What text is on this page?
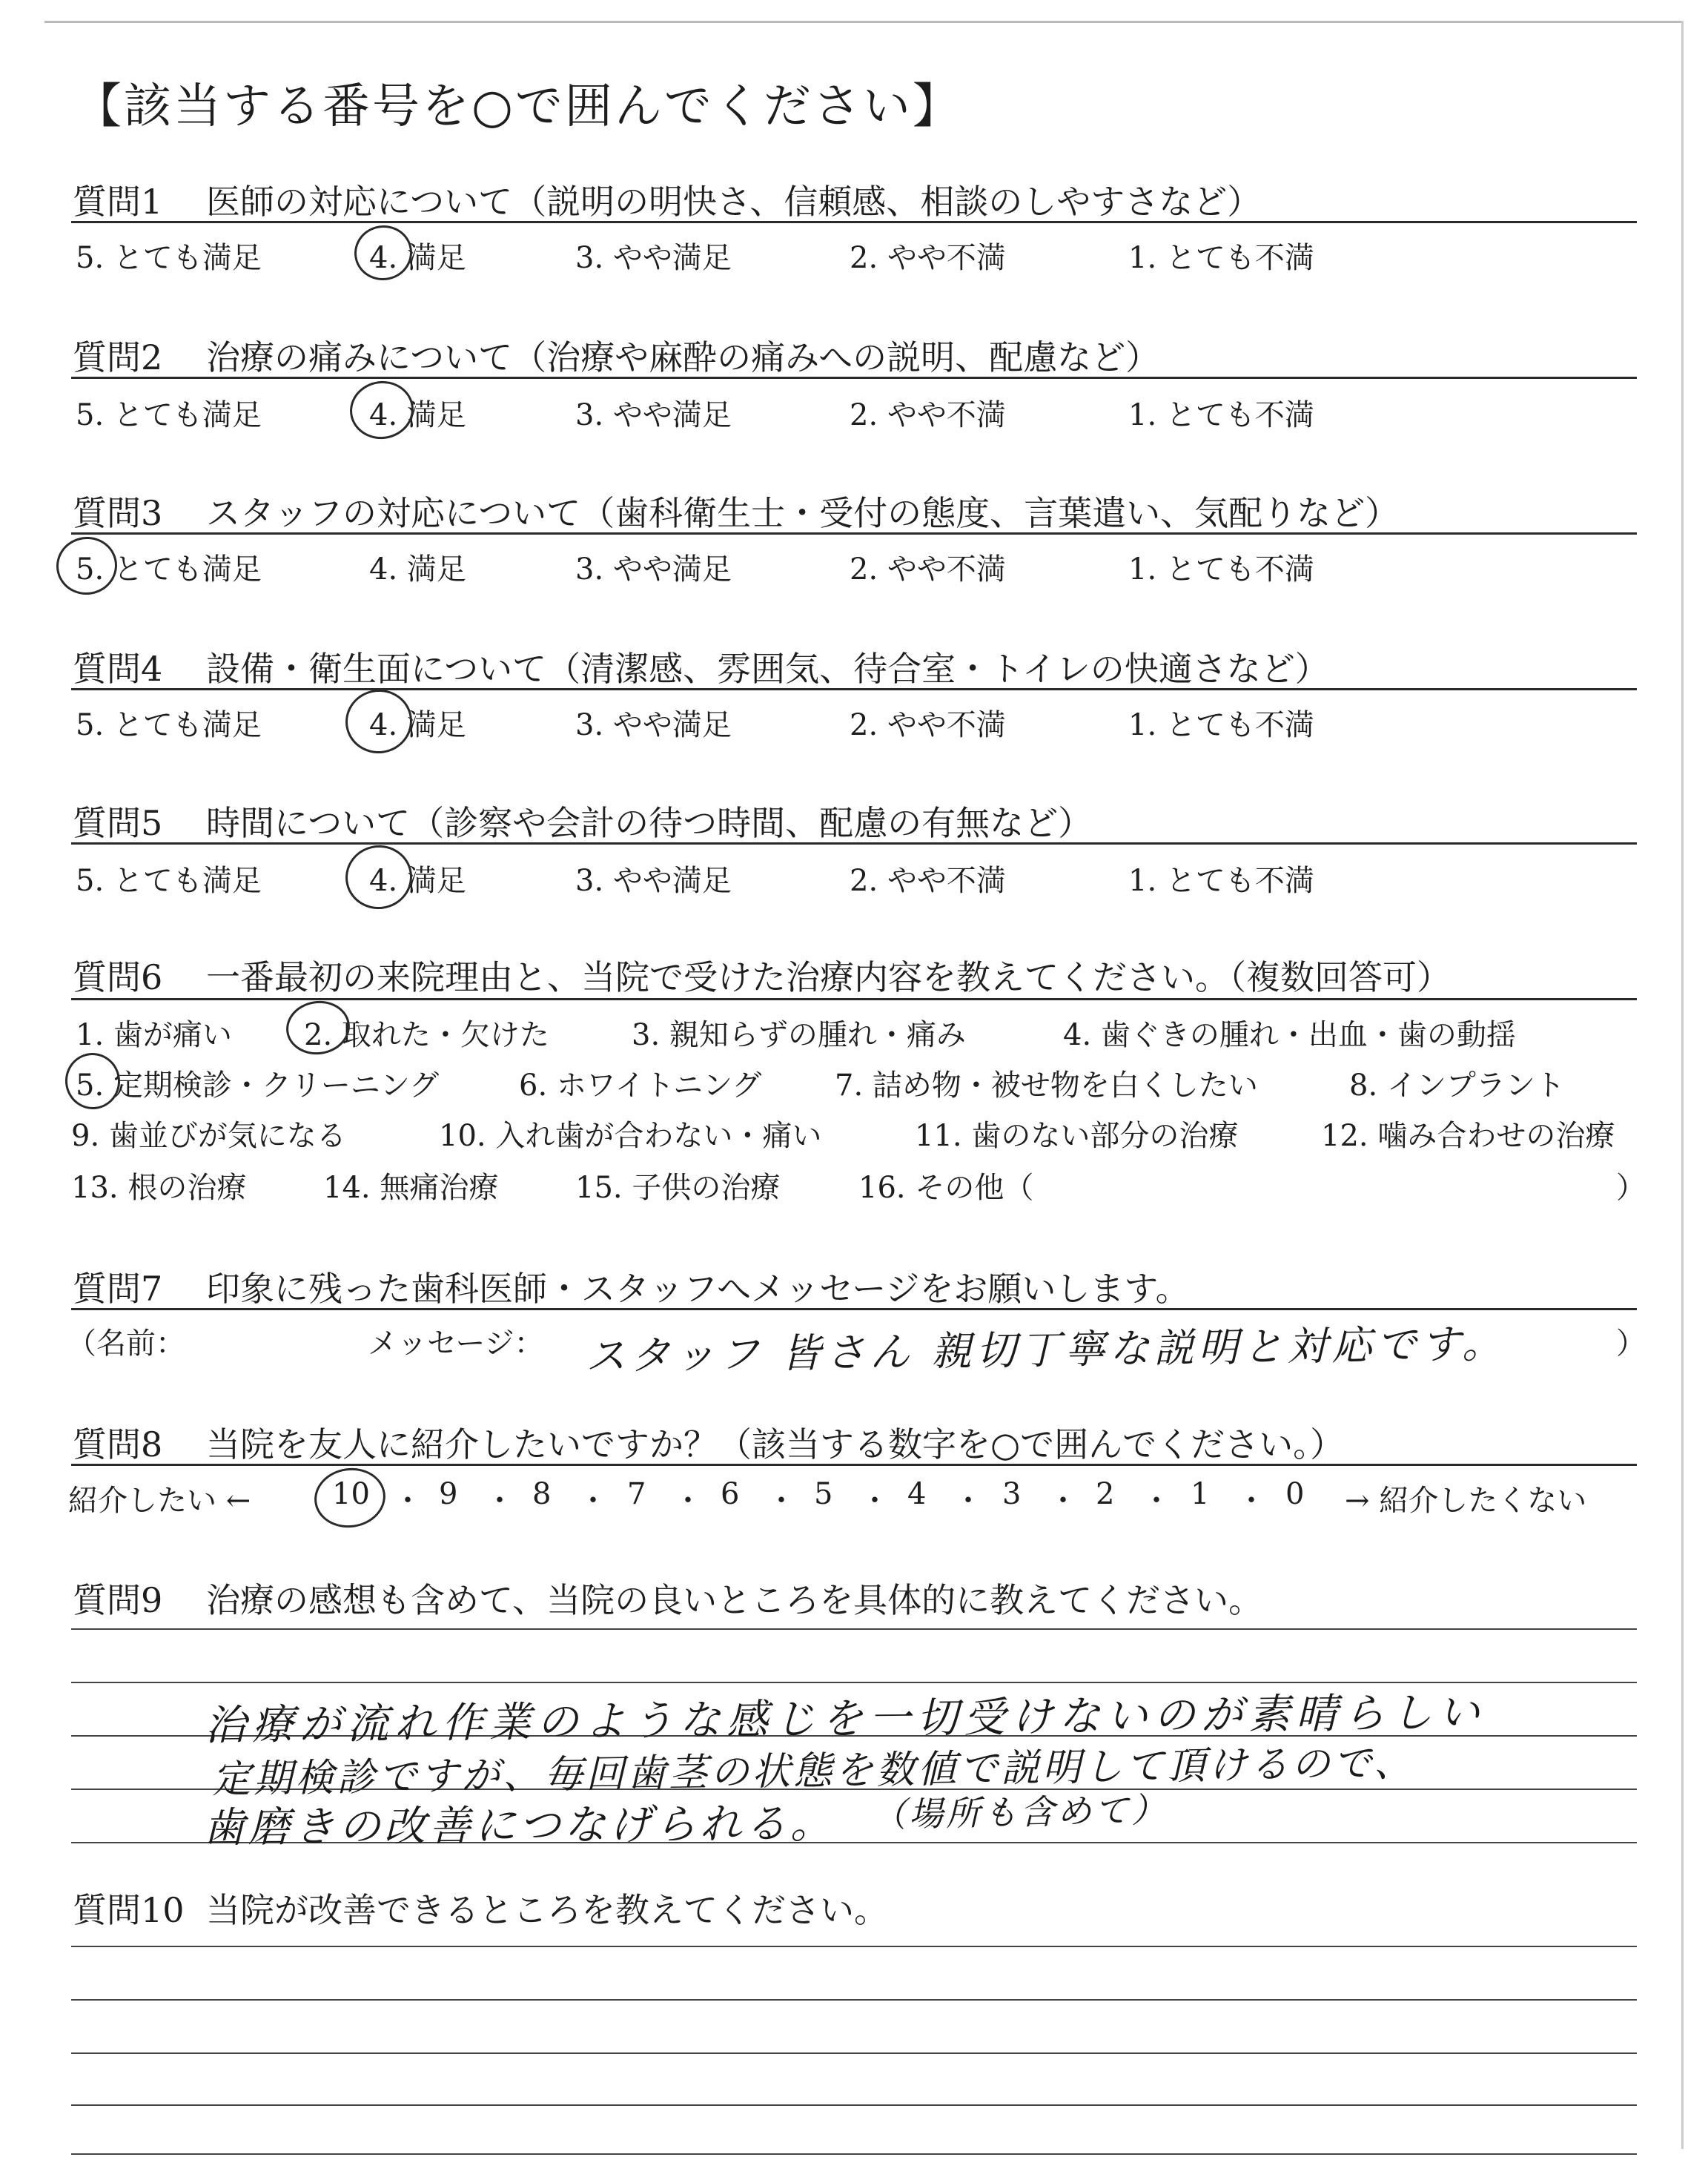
【該当する番号を○で囲んでください】
質問1 医師の対応について（説明の明快さ、信頼感、相談のしやすさなど）
5. とても満足	4. 満足	3. やや満足	2. やや不満	1. とても不満
質問2 治療の痛みについて（治療や麻酔の痛みへの説明、配慮など）
5. とても満足	4. 満足	3. やや満足	2. やや不満	1. とても不満
質問3 スタッフの対応について（歯科衛生士・受付の態度、言葉遣い、気配りなど）
5. とても満足	4. 満足	3. やや満足	2. やや不満	1. とても不満
質問4 設備・衛生面について（清潔感、雰囲気、待合室・トイレの快適さなど）
5. とても満足	4. 満足	3. やや満足	2. やや不満	1. とても不満
質問5 時間について（診察や会計の待つ時間、配慮の有無など）
5. とても満足	4. 満足	3. やや満足	2. やや不満	1. とても不満
質問6 一番最初の来院理由と、当院で受けた治療内容を教えてください。（複数回答可）
1. 歯が痛い 2. 取れた・欠けた	3. 親知らずの腫れ・痛み	4. 歯ぐきの腫れ・出血・歯の動揺
5. 定期検診・クリーニング	6. ホワイトニング 7. 詰め物・被せ物を白くしたい	8. インプラント
9. 歯並びが気になる	10. 入れ歯が合わない・痛い	11. 歯のない部分の治療	12. 噛み合わせの治療
13. 根の治療	14. 無痛治療	15. 子供の治療	16. その他（	）
質問7 印象に残った歯科医師・スタッフへメッセージをお願いします。
（名前：	メッセージ： スタッフ 皆さん 親切丁寧な説明と対応です。	）
質問8 当院を友人に紹介したいですか？（該当する数字を○で囲んでください。）
紹介したい ←	10 ・ 9 ・ 8 ・ 7 ・ 6 ・ 5 ・ 4 ・ 3 ・ 2 ・ 1 ・ 0 → 紹介したくない
質問9 治療の感想も含めて、当院の良いところを具体的に教えてください。
治療が流れ作業のような感じを一切受けないのが素晴らしい
定期検診ですが、毎回歯茎の状態を数値で説明して頂けるので、
歯磨きの改善につなげられる。 （場所も含めて）
質問10 当院が改善できるところを教えてください。
